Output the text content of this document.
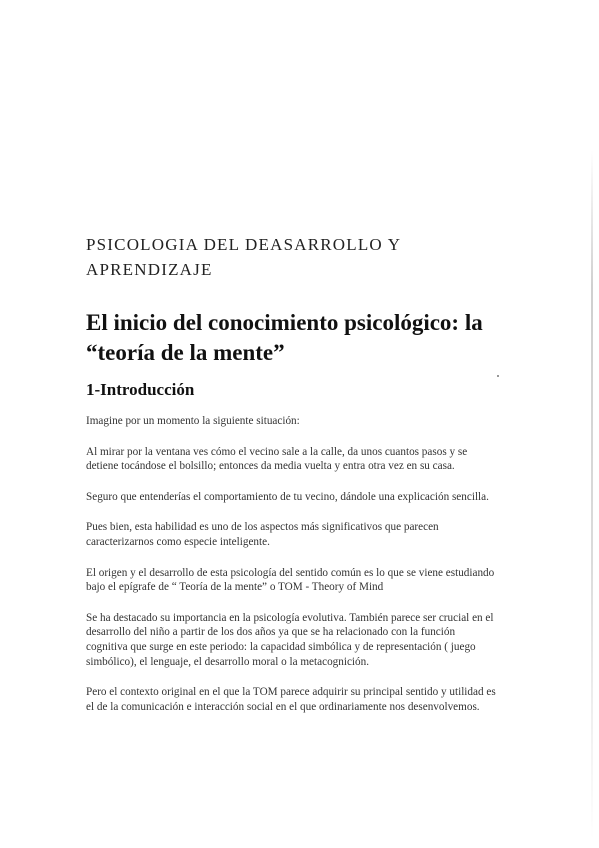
PSICOLOGIA DEL DEASARROLLO Y
APRENDIZAJE
El inicio del conocimiento psicológico: la
“teoría de la mente”
1-Introducción

Imagine por un momento la siguiente situación:

Al mirar por la ventana ves cómo el vecino sale a la calle, da unos cuantos pasos y se detiene tocándose el bolsillo; entonces da media vuelta y entra otra vez en su casa.

Seguro que entenderías el comportamiento de tu vecino, dándole una explicación sencilla.

Pues bien, esta habilidad es uno de los aspectos más significativos que parecen caracterizarnos como especie inteligente.

El origen y el desarrollo de esta psicología del sentido común es lo que se viene estudiando bajo el epígrafe de “ Teoría de la mente” o TOM - Theory of Mind

Se ha destacado su importancia en la psicología evolutiva. También parece ser crucial en el desarrollo del niño a partir de los dos años ya que se ha relacionado con la función cognitiva que surge en este periodo: la capacidad simbólica y de representación ( juego simbólico), el lenguaje, el desarrollo moral o la metacognición.

Pero el contexto original en el que la TOM parece adquirir su principal sentido y utilidad es el de la comunicación e interacción social en el que ordinariamente nos desenvolvemos.
